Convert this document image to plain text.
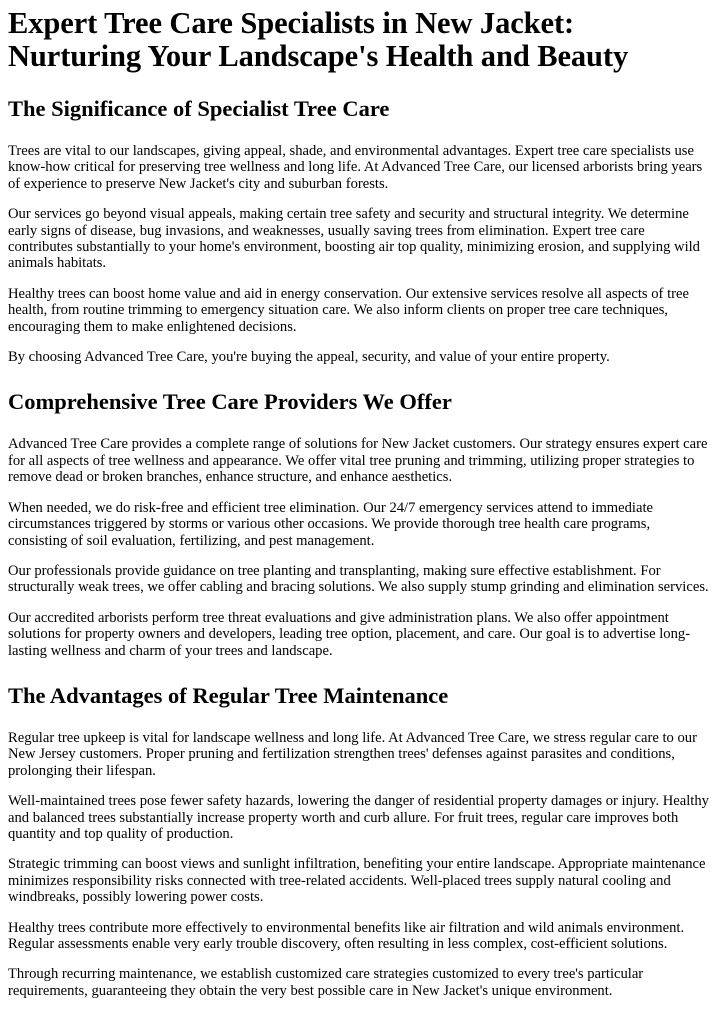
Expert Tree Care Specialists in New Jacket: Nurturing Your Landscape's Health and Beauty
The Significance of Specialist Tree Care

Trees are vital to our landscapes, giving appeal, shade, and environmental advantages. Expert tree care specialists use know-how critical for preserving tree wellness and long life. At Advanced Tree Care, our licensed arborists bring years of experience to preserve New Jacket's city and suburban forests.

Our services go beyond visual appeals, making certain tree safety and security and structural integrity. We determine early signs of disease, bug invasions, and weaknesses, usually saving trees from elimination. Expert tree care contributes substantially to your home's environment, boosting air top quality, minimizing erosion, and supplying wild animals habitats.

Healthy trees can boost home value and aid in energy conservation. Our extensive services resolve all aspects of tree health, from routine trimming to emergency situation care. We also inform clients on proper tree care techniques, encouraging them to make enlightened decisions.

By choosing Advanced Tree Care, you're buying the appeal, security, and value of your entire property.

Comprehensive Tree Care Providers We Offer

Advanced Tree Care provides a complete range of solutions for New Jacket customers. Our strategy ensures expert care for all aspects of tree wellness and appearance. We offer vital tree pruning and trimming, utilizing proper strategies to remove dead or broken branches, enhance structure, and enhance aesthetics.

When needed, we do risk-free and efficient tree elimination. Our 24/7 emergency services attend to immediate circumstances triggered by storms or various other occasions. We provide thorough tree health care programs, consisting of soil evaluation, fertilizing, and pest management.

Our professionals provide guidance on tree planting and transplanting, making sure effective establishment. For structurally weak trees, we offer cabling and bracing solutions. We also supply stump grinding and elimination services.

Our accredited arborists perform tree threat evaluations and give administration plans. We also offer appointment solutions for property owners and developers, leading tree option, placement, and care. Our goal is to advertise long-lasting wellness and charm of your trees and landscape.

The Advantages of Regular Tree Maintenance

Regular tree upkeep is vital for landscape wellness and long life. At Advanced Tree Care, we stress regular care to our New Jersey customers. Proper pruning and fertilization strengthen trees' defenses against parasites and conditions, prolonging their lifespan.

Well-maintained trees pose fewer safety hazards, lowering the danger of residential property damages or injury. Healthy and balanced trees substantially increase property worth and curb allure. For fruit trees, regular care improves both quantity and top quality of production.

Strategic trimming can boost views and sunlight infiltration, benefiting your entire landscape. Appropriate maintenance minimizes responsibility risks connected with tree-related accidents. Well-placed trees supply natural cooling and windbreaks, possibly lowering power costs.

Healthy trees contribute more effectively to environmental benefits like air filtration and wild animals environment. Regular assessments enable very early trouble discovery, often resulting in less complex, cost-efficient solutions.

Through recurring maintenance, we establish customized care strategies customized to every tree's particular requirements, guaranteeing they obtain the very best possible care in New Jacket's unique environment.
